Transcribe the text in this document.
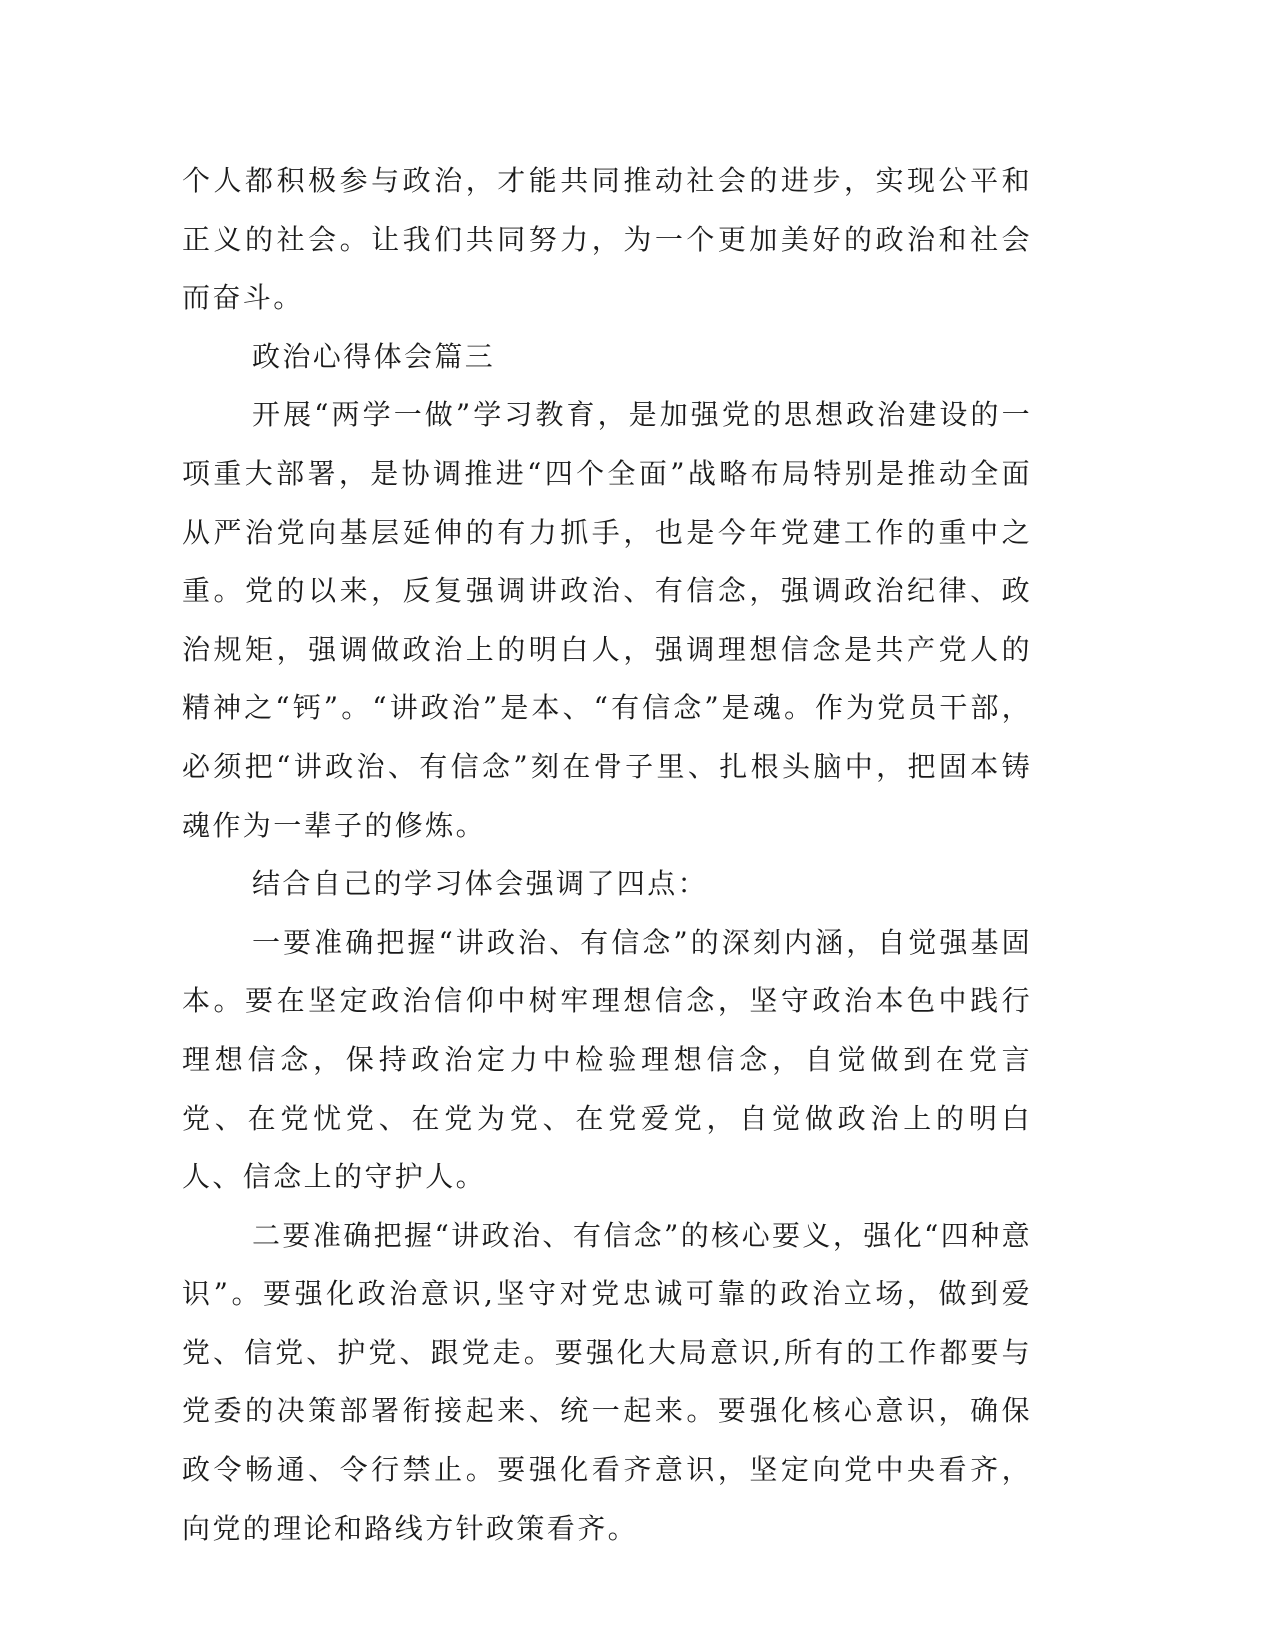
个人都积极参与政治，才能共同推动社会的进步，实现公平和正义的社会。让我们共同努力，为一个更加美好的政治和社会而奋斗。

政治心得体会篇三

开展“两学一做”学习教育，是加强党的思想政治建设的一项重大部署，是协调推进“四个全面”战略布局特别是推动全面从严治党向基层延伸的有力抓手，也是今年党建工作的重中之重。党的以来，反复强调讲政治、有信念，强调政治纪律、政治规矩，强调做政治上的明白人，强调理想信念是共产党人的精神之“钙”。“讲政治”是本、“有信念”是魂。作为党员干部，必须把“讲政治、有信念”刻在骨子里、扎根头脑中，把固本铸魂作为一辈子的修炼。

结合自己的学习体会强调了四点：

一要准确把握“讲政治、有信念”的深刻内涵，自觉强基固本。要在坚定政治信仰中树牢理想信念，坚守政治本色中践行理想信念，保持政治定力中检验理想信念，自觉做到在党言党、在党忧党、在党为党、在党爱党，自觉做政治上的明白人、信念上的守护人。

二要准确把握“讲政治、有信念”的核心要义，强化“四种意识”。要强化政治意识,坚守对党忠诚可靠的政治立场，做到爱党、信党、护党、跟党走。要强化大局意识,所有的工作都要与党委的决策部署衔接起来、统一起来。要强化核心意识，确保政令畅通、令行禁止。要强化看齐意识，坚定向党中央看齐，向党的理论和路线方针政策看齐。
